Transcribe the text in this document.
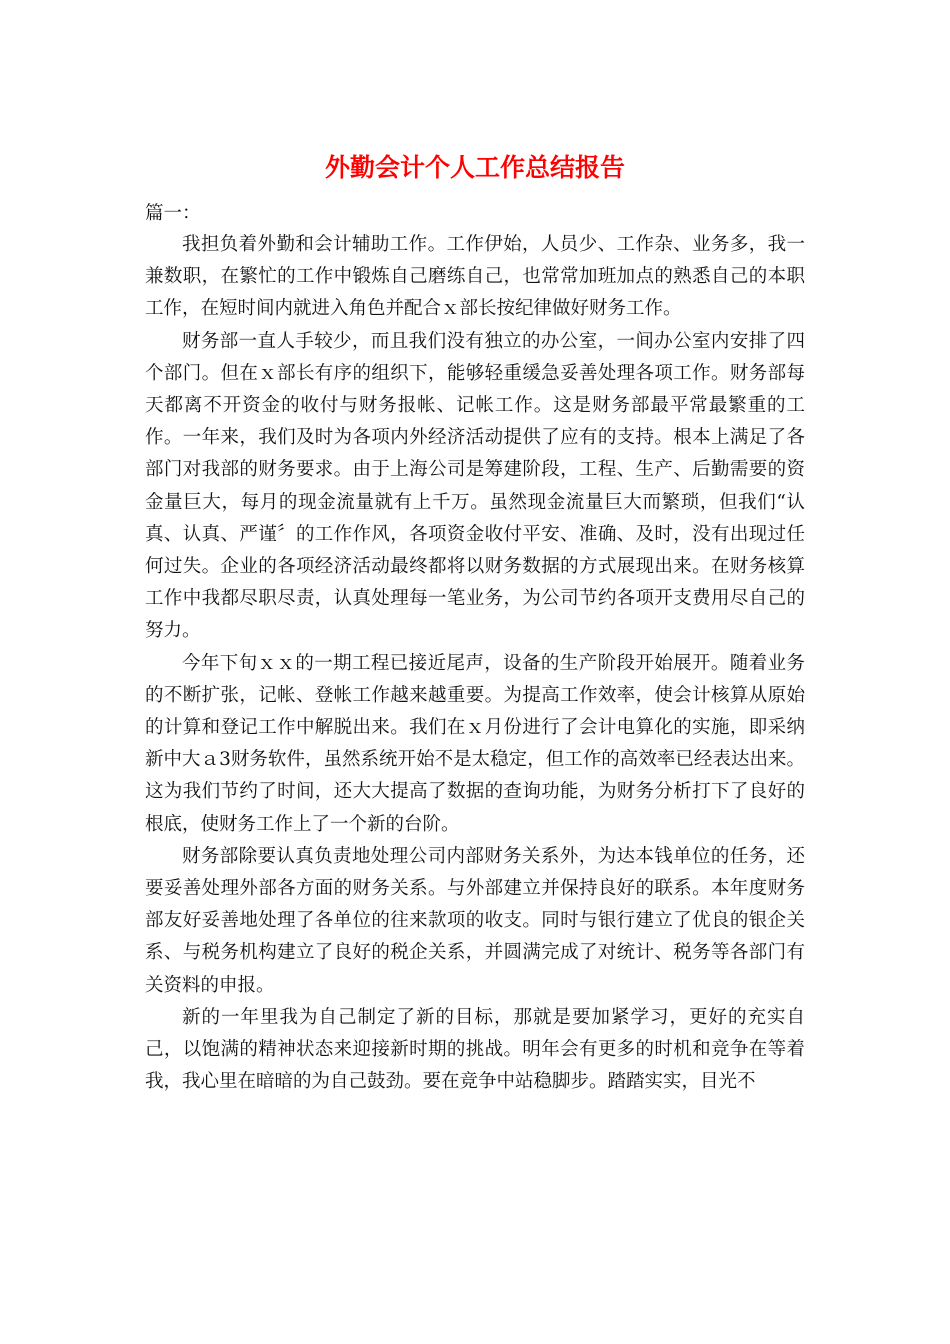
外勤会计个人工作总结报告
篇一：

我担负着外勤和会计辅助工作。工作伊始，人员少、工作杂、业务多，我一兼数职，在繁忙的工作中锻炼自己磨练自己，也常常加班加点的熟悉自己的本职工作，在短时间内就进入角色并配合ｘ部长按纪律做好财务工作。

财务部一直人手较少，而且我们没有独立的办公室，一间办公室内安排了四个部门。但在ｘ部长有序的组织下，能够轻重缓急妥善处理各项工作。财务部每天都离不开资金的收付与财务报帐、记帐工作。这是财务部最平常最繁重的工作。一年来，我们及时为各项内外经济活动提供了应有的支持。根本上满足了各部门对我部的财务要求。由于上海公司是筹建阶段，工程、生产、后勤需要的资金量巨大，每月的现金流量就有上千万。虽然现金流量巨大而繁琐，但我们“认真、认真、严谨〞的工作作风，各项资金收付平安、准确、及时，没有出现过任何过失。企业的各项经济活动最终都将以财务数据的方式展现出来。在财务核算工作中我都尽职尽责，认真处理每一笔业务，为公司节约各项开支费用尽自己的努力。

今年下旬ｘｘ的一期工程已接近尾声，设备的生产阶段开始展开。随着业务的不断扩张，记帐、登帐工作越来越重要。为提高工作效率，使会计核算从原始的计算和登记工作中解脱出来。我们在ｘ月份进行了会计电算化的实施，即采纳新中大ａ3财务软件，虽然系统开始不是太稳定，但工作的高效率已经表达出来。这为我们节约了时间，还大大提高了数据的查询功能，为财务分析打下了良好的根底，使财务工作上了一个新的台阶。

财务部除要认真负责地处理公司内部财务关系外，为达本钱单位的任务，还要妥善处理外部各方面的财务关系。与外部建立并保持良好的联系。本年度财务部友好妥善地处理了各单位的往来款项的收支。同时与银行建立了优良的银企关系、与税务机构建立了良好的税企关系，并圆满完成了对统计、税务等各部门有关资料的申报。

新的一年里我为自己制定了新的目标，那就是要加紧学习，更好的充实自己，以饱满的精神状态来迎接新时期的挑战。明年会有更多的时机和竞争在等着我，我心里在暗暗的为自己鼓劲。要在竞争中站稳脚步。踏踏实实，目光不
